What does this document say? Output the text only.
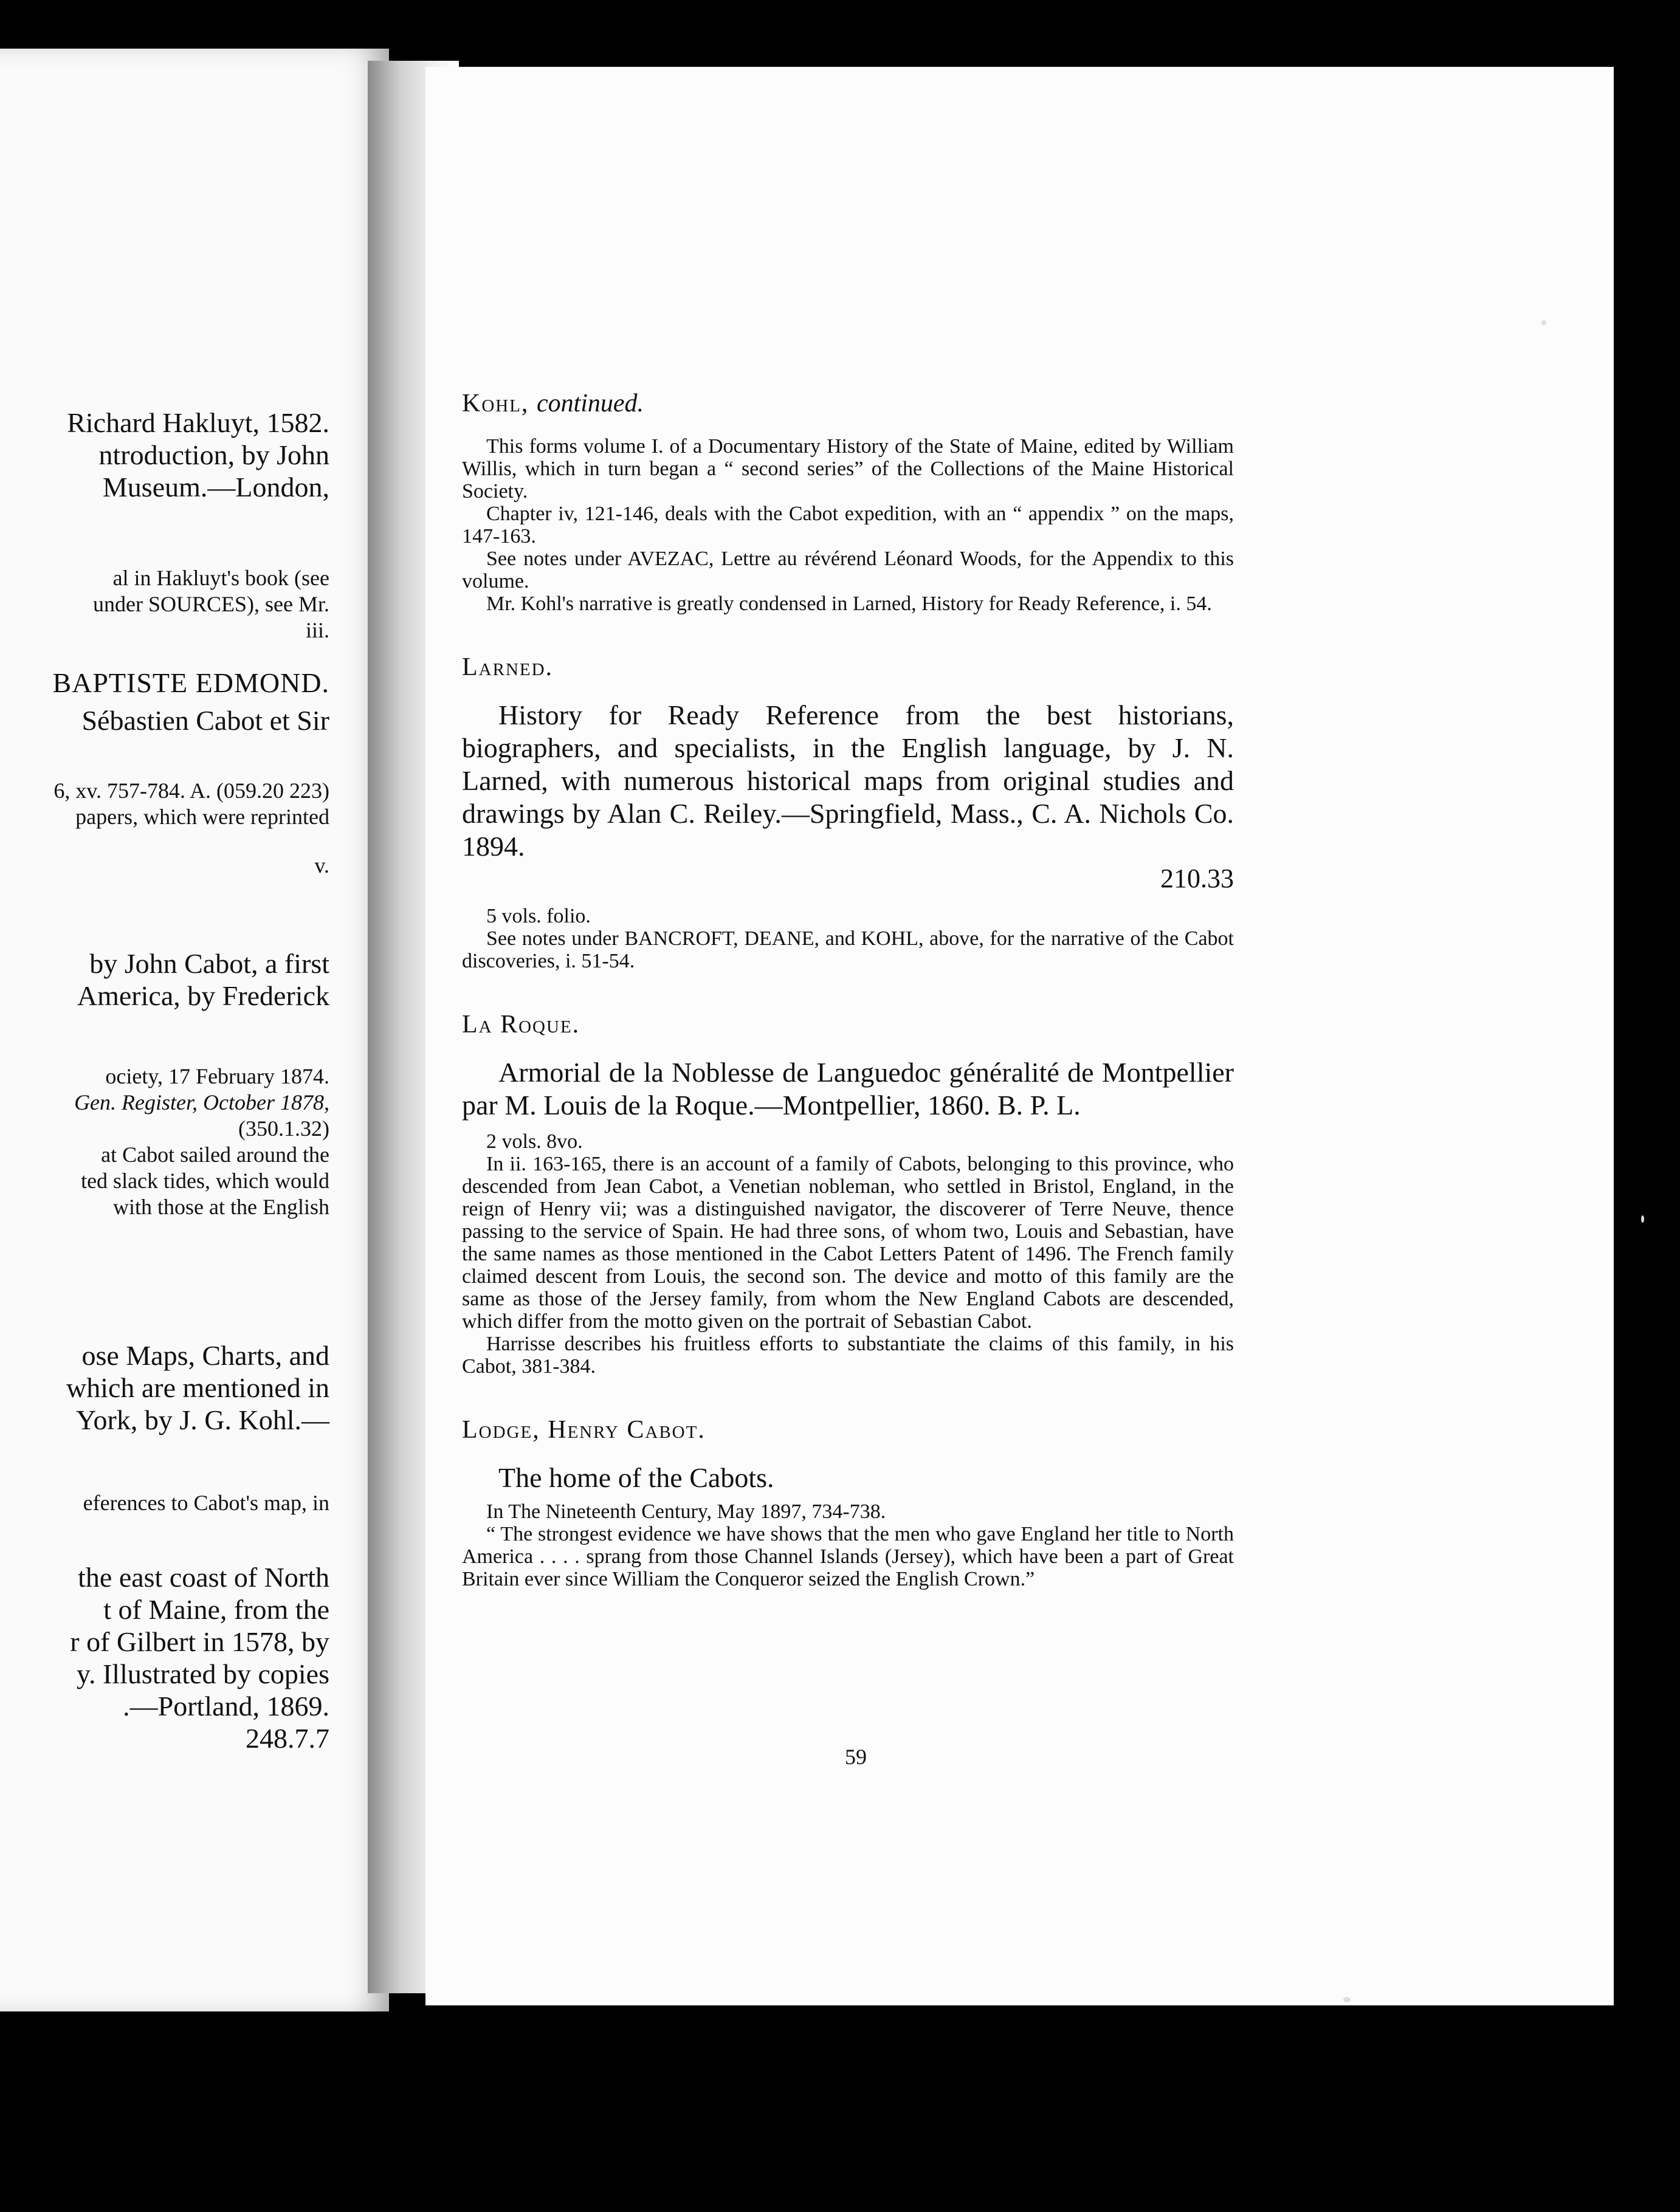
Richard Hakluyt, 1582.
ntroduction, by John
Museum.—London,
al in Hakluyt's book (see
under SOURCES), see Mr.
iii.
BAPTISTE EDMOND.
Sébastien Cabot et Sir
6, xv. 757-784. A. (059.20 223)
papers, which were reprinted
v.
by John Cabot, a first
America, by Frederick
ociety, 17 February 1874.
Gen. Register, October 1878,
(350.1.32)
at Cabot sailed around the
ted slack tides, which would
with those at the English
ose Maps, Charts, and
which are mentioned in
York, by J. G. Kohl.—
eferences to Cabot's map, in
the east coast of North
t of Maine, from the
r of Gilbert in 1578, by
y. Illustrated by copies
.—Portland, 1869.
248.7.7

Kohl, continued.

This forms volume I. of a Documentary History of the State of Maine, edited by William Willis, which in turn began a “ second series” of the Collections of the Maine Historical Society.

Chapter iv, 121-146, deals with the Cabot expedition, with an “ appendix ” on the maps, 147-163.

See notes under AVEZAC, Lettre au révérend Léonard Woods, for the Appendix to this volume.

Mr. Kohl's narrative is greatly condensed in Larned, History for Ready Reference, i. 54.

Larned.

History for Ready Reference from the best historians, biographers, and specialists, in the English language, by J. N. Larned, with numerous historical maps from original studies and drawings by Alan C. Reiley.—Springfield, Mass., C. A. Nichols Co. 1894.

210.33

5 vols. folio.

See notes under BANCROFT, DEANE, and KOHL, above, for the narrative of the Cabot discoveries, i. 51-54.

La Roque.

Armorial de la Noblesse de Languedoc généralité de Montpellier par M. Louis de la Roque.—Montpellier, 1860. B. P. L.

2 vols. 8vo.

In ii. 163-165, there is an account of a family of Cabots, belonging to this province, who descended from Jean Cabot, a Venetian nobleman, who settled in Bristol, England, in the reign of Henry vii; was a distinguished navigator, the discoverer of Terre Neuve, thence passing to the service of Spain. He had three sons, of whom two, Louis and Sebastian, have the same names as those mentioned in the Cabot Letters Patent of 1496. The French family claimed descent from Louis, the second son. The device and motto of this family are the same as those of the Jersey family, from whom the New England Cabots are descended, which differ from the motto given on the portrait of Sebastian Cabot.

Harrisse describes his fruitless efforts to substantiate the claims of this family, in his Cabot, 381-384.

Lodge, Henry Cabot.

The home of the Cabots.

In The Nineteenth Century, May 1897, 734-738.

“ The strongest evidence we have shows that the men who gave England her title to North America . . . . sprang from those Channel Islands (Jersey), which have been a part of Great Britain ever since William the Conqueror seized the English Crown.”

59
